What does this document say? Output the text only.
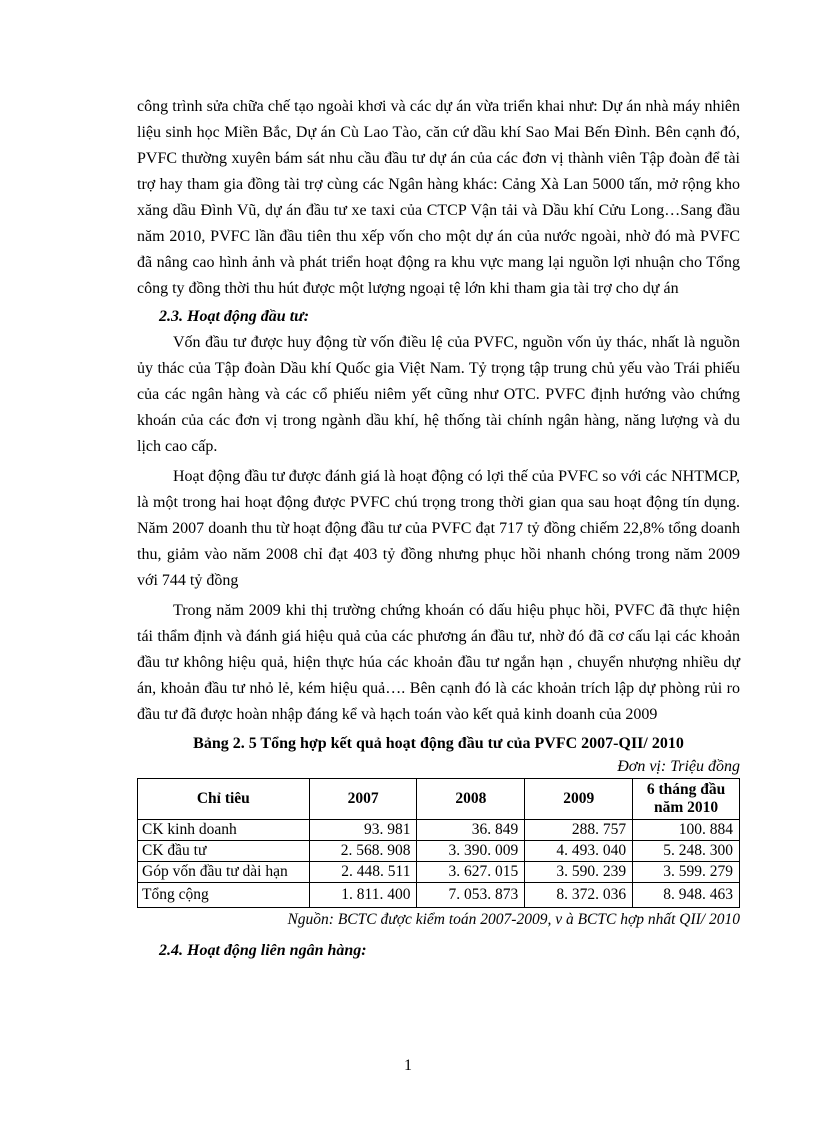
công trình sửa chữa chế tạo ngoài khơi và các dự án vừa triển khai như: Dự án nhà máy nhiên liệu sinh học Miền Bắc, Dự án Cù Lao Tào, căn cứ dầu khí Sao Mai Bến Đình. Bên cạnh đó, PVFC thường xuyên bám sát nhu cầu đầu tư dự án của các đơn vị thành viên Tập đoàn để tài trợ hay tham gia đồng tài trợ cùng các Ngân hàng khác: Cảng Xà Lan 5000 tấn, mở rộng kho xăng dầu Đình Vũ, dự án đầu tư xe taxi của CTCP Vận tải và Dầu khí Cửu Long…Sang đầu năm 2010, PVFC lần đầu tiên thu xếp vốn cho một dự án của nước ngoài, nhờ đó mà PVFC đã nâng cao hình ảnh và phát triển hoạt động ra khu vực mang lại nguồn lợi nhuận cho Tổng công ty đồng thời thu hút được một lượng ngoại tệ lớn khi tham gia tài trợ cho dự án

2.3. Hoạt động đầu tư:

Vốn đầu tư được huy động từ vốn điều lệ của PVFC, nguồn vốn ủy thác, nhất là nguồn ủy thác của Tập đoàn Dầu khí Quốc gia Việt Nam. Tỷ trọng tập trung chủ yếu vào Trái phiếu của các ngân hàng và các cổ phiếu niêm yết cũng như OTC. PVFC định hướng vào chứng khoán của các đơn vị trong ngành dầu khí, hệ thống tài chính ngân hàng, năng lượng và du lịch cao cấp.

Hoạt động đầu tư được đánh giá là hoạt động có lợi thế của PVFC so với các NHTMCP, là một trong hai hoạt động được PVFC chú trọng trong thời gian qua sau hoạt động tín dụng. Năm 2007 doanh thu từ hoạt động đầu tư của PVFC đạt 717 tỷ đồng chiếm 22,8% tổng doanh thu, giảm vào năm 2008 chỉ đạt 403 tỷ đồng nhưng phục hồi nhanh chóng trong năm 2009 với 744 tỷ đồng

Trong năm 2009 khi thị trường chứng khoán có dấu hiệu phục hồi, PVFC đã thực hiện tái thẩm định và đánh giá hiệu quả của các phương án đầu tư, nhờ đó đã cơ cấu lại các khoản đầu tư không hiệu quả, hiện thực húa các khoản đầu tư ngắn hạn , chuyển nhượng nhiều dự án, khoản đầu tư nhỏ lẻ, kém hiệu quả…. Bên cạnh đó là các khoản trích lập dự phòng rủi ro đầu tư đã được hoàn nhập đáng kể và hạch toán vào kết quả kinh doanh của 2009

Bảng 2. 5 Tổng hợp kết quả hoạt động đầu tư của PVFC 2007-QII/ 2010
Đơn vị: Triệu đồng
Chỉ tiêu	2007	2008	2009	6 tháng đầu năm 2010
CK kinh doanh	93. 981	36. 849	288. 757	100. 884
CK đầu tư	2. 568. 908	3. 390. 009	4. 493. 040	5. 248. 300
Góp vốn đầu tư dài hạn	2. 448. 511	3. 627. 015	3. 590. 239	3. 599. 279
Tổng cộng	1. 811. 400	7. 053. 873	8. 372. 036	8. 948. 463
Nguồn: BCTC được kiểm toán 2007-2009, v à BCTC hợp nhất QII/ 2010
2.4. Hoạt động liên ngân hàng:
1
